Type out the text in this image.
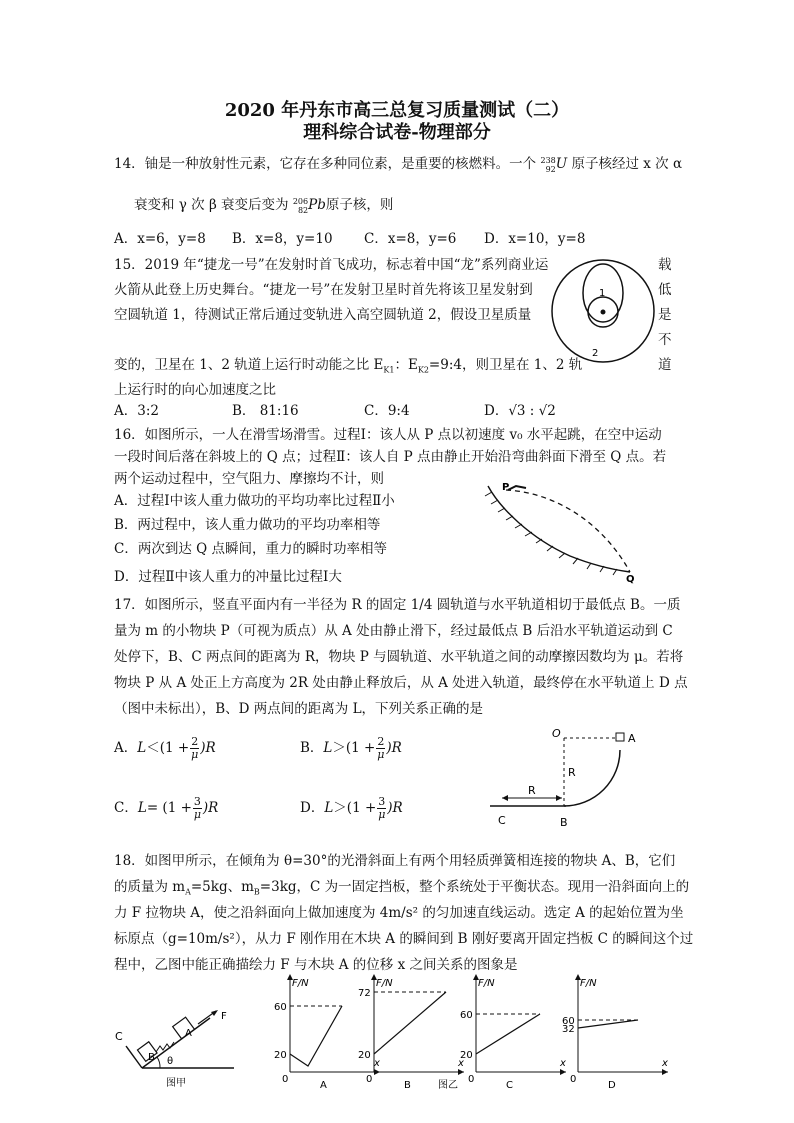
2020 年丹东市高三总复习质量测试（二）
理科综合试卷-物理部分
14．铀是一种放射性元素，它存在多种同位素，是重要的核燃料。一个 238
92 U 原子核经过 x 次 α
衰变和 γ 次 β 衰变后变为 206
82 Pb原子核，则
A．x=6，y=8 B．x=8，y=10 C．x=8，y=6 D．x=10，y=8
15．2019 年“捷龙一号”在发射时首飞成功，标志着中国“龙”系列商业运
火箭从此登上历史舞台。“捷龙一号”在发射卫星时首先将该卫星发射到
空圆轨道 1，待测试正常后通过变轨进入高空圆轨道 2，假设卫星质量
变的，卫星在 1、2 轨道上运行时动能之比 $E_{K1}$：$E_{K2}=9:4$，则卫星在 1、2 轨
上运行时的向心加速度之比
载
低
是
不
道
1
2
A．3:2	B． 81:16	C．9:4	D．√3 : √2
16．如图所示，一人在滑雪场滑雪。过程Ⅰ：该人从 P 点以初速度 v₀ 水平起跳，在空中运动
一段时间后落在斜坡上的 Q 点；过程Ⅱ：该人自 P 点由静止开始沿弯曲斜面下滑至 Q 点。若
两个运动过程中，空气阻力、摩擦均不计，则
A．过程Ⅰ中该人重力做功的平均功率比过程Ⅱ小
B．两过程中，该人重力做功的平均功率相等
C．两次到达 Q 点瞬间，重力的瞬时功率相等
D．过程Ⅱ中该人重力的冲量比过程Ⅰ大
P
Q
17．如图所示，竖直平面内有一半径为 R 的固定 1/4 圆轨道与水平轨道相切于最低点 B。一质
量为 m 的小物块 P（可视为质点）从 A 处由静止滑下，经过最低点 B 后沿水平轨道运动到 C
处停下，B、C 两点间的距离为 R，物块 P 与圆轨道、水平轨道之间的动摩擦因数均为 μ。若将
物块 P 从 A 处正上方高度为 2R 处由静止释放后，从 A 处进入轨道，最终停在水平轨道上 D 点
（图中未标出），B、D 两点间的距离为 L，下列关系正确的是
A．$L<(1 + \frac{2}{\mu} )R$	B．$L>(1 + \frac{2}{\mu} )R$
C．$L= (1 + \frac{3}{\mu} )R$	D．$L>(1 + \frac{3}{\mu} )R$
O	A
R
R
C	B
18．如图甲所示，在倾角为 θ=30°的光滑斜面上有两个用轻质弹簧相连接的物块 A、B，它们
的质量为 $m_A=5kg$、$m_B=3kg$，C 为一固定挡板，整个系统处于平衡状态。现用一沿斜面向上的
力 F 拉物块 A，使之沿斜面向上做加速度为 4m/s² 的匀加速直线运动。选定 A 的起始位置为坐
标原点（g=10m/s²），从力 F 刚作用在木块 A 的瞬间到 B 刚好要离开固定挡板 C 的瞬间这个过
程中，乙图中能正确描绘力 F 与木块 A 的位移 x 之间关系的图象是
F
A
B
C
θ
图甲
F/N
x
0
60
20
A
F/N
x
0
72
20
B
F/N
x
0
60
20
C
F/N
x
0
60
32
D
图乙
